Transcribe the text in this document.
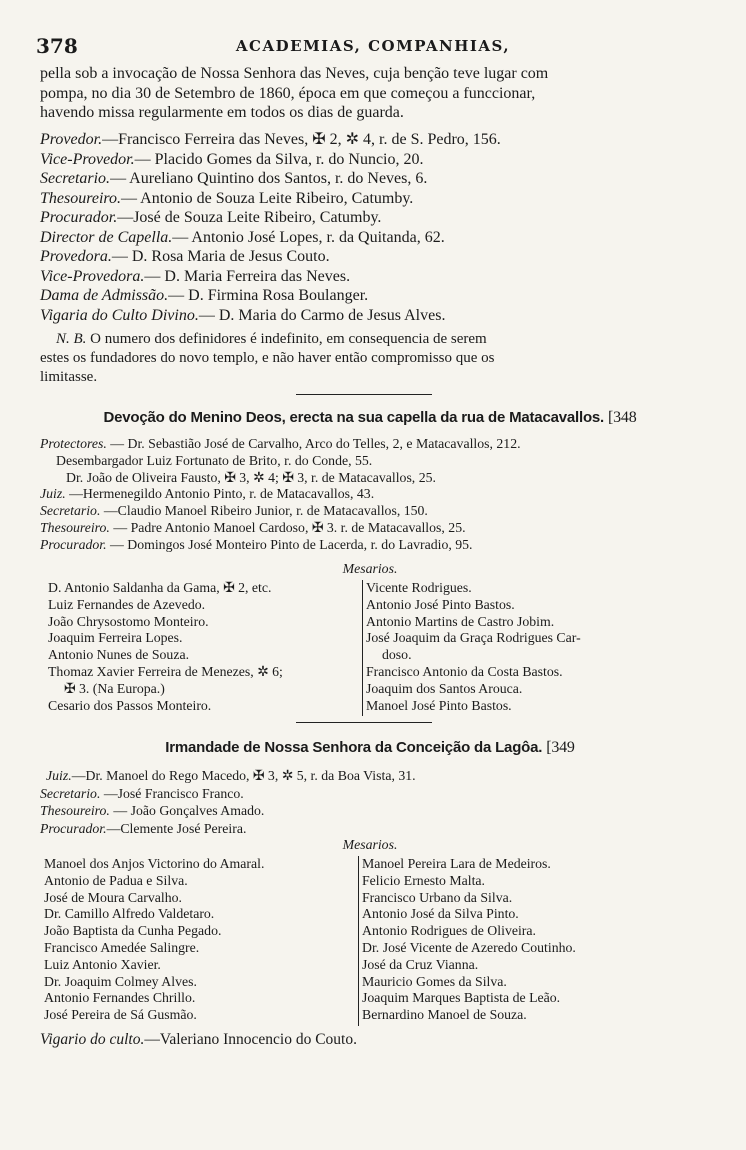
378	ACADEMIAS, COMPANHIAS,
pella sob a invocação de Nossa Senhora das Neves, cuja benção teve lugar com
pompa, no dia 30 de Setembro de 1860, época em que começou a funccionar,
havendo missa regularmente em todos os dias de guarda.
Provedor.—Francisco Ferreira das Neves, ✠ 2, ✲ 4, r. de S. Pedro, 156.
Vice-Provedor.— Placido Gomes da Silva, r. do Nuncio, 20.
Secretario.— Aureliano Quintino dos Santos, r. do Neves, 6.
Thesoureiro.— Antonio de Souza Leite Ribeiro, Catumby.
Procurador.—José de Souza Leite Ribeiro, Catumby.
Director de Capella.— Antonio José Lopes, r. da Quitanda, 62.
Provedora.— D. Rosa Maria de Jesus Couto.
Vice-Provedora.— D. Maria Ferreira das Neves.
Dama de Admissão.— D. Firmina Rosa Boulanger.
Vigaria do Culto Divino.— D. Maria do Carmo de Jesus Alves.
N. B. O numero dos definidores é indefinito, em consequencia de serem
estes os fundadores do novo templo, e não haver então compromisso que os
limitasse.
Devoção do Menino Deos, erecta na sua capella da rua de Matacavallos. [348
Protectores. — Dr. Sebastião José de Carvalho, Arco do Telles, 2, e Matacavallos, 212.
Desembargador Luiz Fortunato de Brito, r. do Conde, 55.
Dr. João de Oliveira Fausto, ✠ 3, ✲ 4; ✠ 3, r. de Matacavallos, 25.
Juiz. —Hermenegildo Antonio Pinto, r. de Matacavallos, 43.
Secretario. —Claudio Manoel Ribeiro Junior, r. de Matacavallos, 150.
Thesoureiro. — Padre Antonio Manoel Cardoso, ✠ 3. r. de Matacavallos, 25.
Procurador. — Domingos José Monteiro Pinto de Lacerda, r. do Lavradio, 95.
Mesarios.
D. Antonio Saldanha da Gama, ✠ 2, etc.
Luiz Fernandes de Azevedo.
João Chrysostomo Monteiro.
Joaquim Ferreira Lopes.
Antonio Nunes de Souza.
Thomaz Xavier Ferreira de Menezes, ✲ 6;
✠ 3. (Na Europa.)
Cesario dos Passos Monteiro.
Vicente Rodrigues.
Antonio José Pinto Bastos.
Antonio Martins de Castro Jobim.
José Joaquim da Graça Rodrigues Car-
doso.
Francisco Antonio da Costa Bastos.
Joaquim dos Santos Arouca.
Manoel José Pinto Bastos.
Irmandade de Nossa Senhora da Conceição da Lagôa. [349
Juiz.—Dr. Manoel do Rego Macedo, ✠ 3, ✲ 5, r. da Boa Vista, 31.
Secretario. —José Francisco Franco.
Thesoureiro. — João Gonçalves Amado.
Procurador.—Clemente José Pereira.
Mesarios.
Manoel dos Anjos Victorino do Amaral.
Antonio de Padua e Silva.
José de Moura Carvalho.
Dr. Camillo Alfredo Valdetaro.
João Baptista da Cunha Pegado.
Francisco Amedée Salingre.
Luiz Antonio Xavier.
Dr. Joaquim Colmey Alves.
Antonio Fernandes Chrillo.
José Pereira de Sá Gusmão.
Manoel Pereira Lara de Medeiros.
Felicio Ernesto Malta.
Francisco Urbano da Silva.
Antonio José da Silva Pinto.
Antonio Rodrigues de Oliveira.
Dr. José Vicente de Azeredo Coutinho.
José da Cruz Vianna.
Mauricio Gomes da Silva.
Joaquim Marques Baptista de Leão.
Bernardino Manoel de Souza.
Vigario do culto.—Valeriano Innocencio do Couto.
